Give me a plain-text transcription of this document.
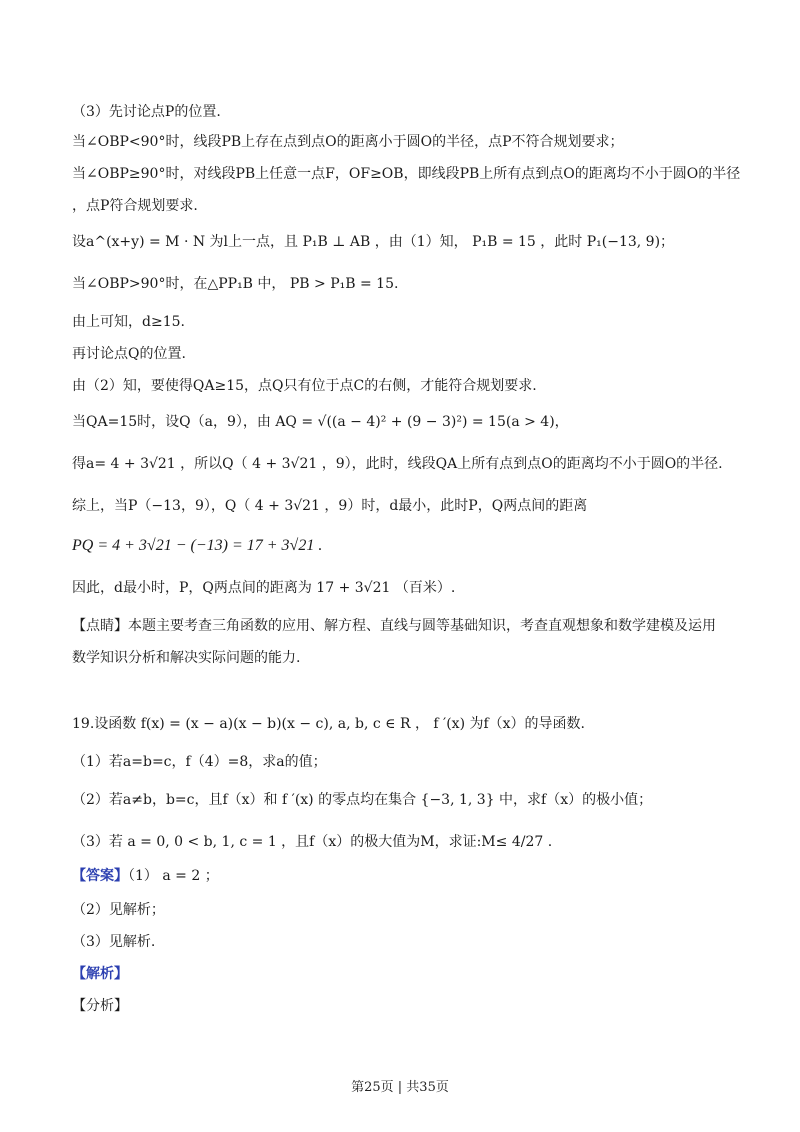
（3）先讨论点P的位置.
当∠OBP<90°时，线段PB上存在点到点O的距离小于圆O的半径，点P不符合规划要求；
当∠OBP≥90°时，对线段PB上任意一点F，OF≥OB，即线段PB上所有点到点O的距离均不小于圆O的半径
，点P符合规划要求.
设a^(x+y) = M · N 为l上一点，且 P₁B ⊥ AB ，由（1）知， P₁B = 15 ，此时 P₁(−13, 9)；
当∠OBP>90°时，在△PP₁B 中， PB > P₁B = 15.
由上可知，d≥15.
再讨论点Q的位置.
由（2）知，要使得QA≥15，点Q只有位于点C的右侧，才能符合规划要求.
当QA=15时，设Q（a，9），由 AQ = √((a − 4)² + (9 − 3)²) = 15(a > 4)，
得a= 4 + 3√21 ，所以Q（ 4 + 3√21 ，9），此时，线段QA上所有点到点O的距离均不小于圆O的半径.
综上，当P（−13，9），Q（ 4 + 3√21 ，9）时，d最小，此时P，Q两点间的距离
PQ = 4 + 3√21 − (−13) = 17 + 3√21 .
因此，d最小时，P，Q两点间的距离为 17 + 3√21 （百米）.
【点睛】本题主要考查三角函数的应用、解方程、直线与圆等基础知识，考查直观想象和数学建模及运用
数学知识分析和解决实际问题的能力.
19.设函数 f(x) = (x − a)(x − b)(x − c), a, b, c ∈ R ， f ′(x) 为f（x）的导函数.
（1）若a=b=c，f（4）=8，求a的值；
（2）若a≠b，b=c，且f（x）和 f ′(x) 的零点均在集合 {−3, 1, 3} 中，求f（x）的极小值；
（3）若 a = 0, 0 < b, 1, c = 1 ，且f（x）的极大值为M，求证:M≤ 4/27 .
【答案】（1） a = 2 ；
（2）见解析；
（3）见解析.
【解析】
【分析】
第25页 | 共35页
